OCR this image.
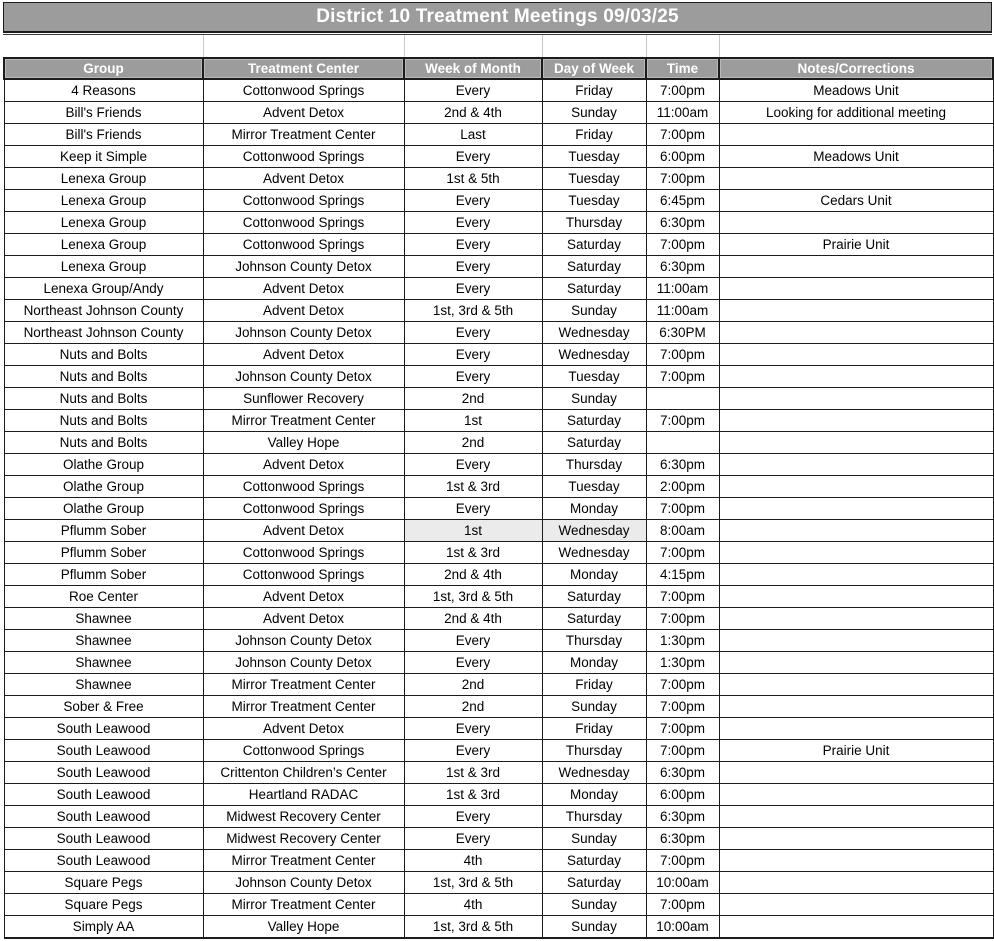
District 10 Treatment Meetings 09/03/25

Group	Treatment Center	Week of Month	Day of Week	Time	Notes/Corrections
4 Reasons	Cottonwood Springs	Every	Friday	7:00pm	Meadows Unit
Bill's Friends	Advent Detox	2nd & 4th	Sunday	11:00am	Looking for additional meeting
Bill's Friends	Mirror Treatment Center	Last	Friday	7:00pm	
Keep it Simple	Cottonwood Springs	Every	Tuesday	6:00pm	Meadows Unit
Lenexa Group	Advent Detox	1st & 5th	Tuesday	7:00pm	
Lenexa Group	Cottonwood Springs	Every	Tuesday	6:45pm	Cedars Unit
Lenexa Group	Cottonwood Springs	Every	Thursday	6:30pm	
Lenexa Group	Cottonwood Springs	Every	Saturday	7:00pm	Prairie Unit
Lenexa Group	Johnson County Detox	Every	Saturday	6:30pm	
Lenexa Group/Andy	Advent Detox	Every	Saturday	11:00am	
Northeast Johnson County	Advent Detox	1st, 3rd & 5th	Sunday	11:00am	
Northeast Johnson County	Johnson County Detox	Every	Wednesday	6:30PM	
Nuts and Bolts	Advent Detox	Every	Wednesday	7:00pm	
Nuts and Bolts	Johnson County Detox	Every	Tuesday	7:00pm	
Nuts and Bolts	Sunflower Recovery	2nd	Sunday		
Nuts and Bolts	Mirror Treatment Center	1st	Saturday	7:00pm	
Nuts and Bolts	Valley Hope	2nd	Saturday		
Olathe Group	Advent Detox	Every	Thursday	6:30pm	
Olathe Group	Cottonwood Springs	1st & 3rd	Tuesday	2:00pm	
Olathe Group	Cottonwood Springs	Every	Monday	7:00pm	
Pflumm Sober	Advent Detox	1st	Wednesday	8:00am	
Pflumm Sober	Cottonwood Springs	1st & 3rd	Wednesday	7:00pm	
Pflumm Sober	Cottonwood Springs	2nd & 4th	Monday	4:15pm	
Roe Center	Advent Detox	1st, 3rd & 5th	Saturday	7:00pm	
Shawnee	Advent Detox	2nd & 4th	Saturday	7:00pm	
Shawnee	Johnson County Detox	Every	Thursday	1:30pm	
Shawnee	Johnson County Detox	Every	Monday	1:30pm	
Shawnee	Mirror Treatment Center	2nd	Friday	7:00pm	
Sober & Free	Mirror Treatment Center	2nd	Sunday	7:00pm	
South Leawood	Advent Detox	Every	Friday	7:00pm	
South Leawood	Cottonwood Springs	Every	Thursday	7:00pm	Prairie Unit
South Leawood	Crittenton Children’s Center	1st & 3rd	Wednesday	6:30pm	
South Leawood	Heartland RADAC	1st & 3rd	Monday	6:00pm	
South Leawood	Midwest Recovery Center	Every	Thursday	6:30pm	
South Leawood	Midwest Recovery Center	Every	Sunday	6:30pm	
South Leawood	Mirror Treatment Center	4th	Saturday	7:00pm	
Square Pegs	Johnson County Detox	1st, 3rd & 5th	Saturday	10:00am	
Square Pegs	Mirror Treatment Center	4th	Sunday	7:00pm	
Simply AA	Valley Hope	1st, 3rd & 5th	Sunday	10:00am	
